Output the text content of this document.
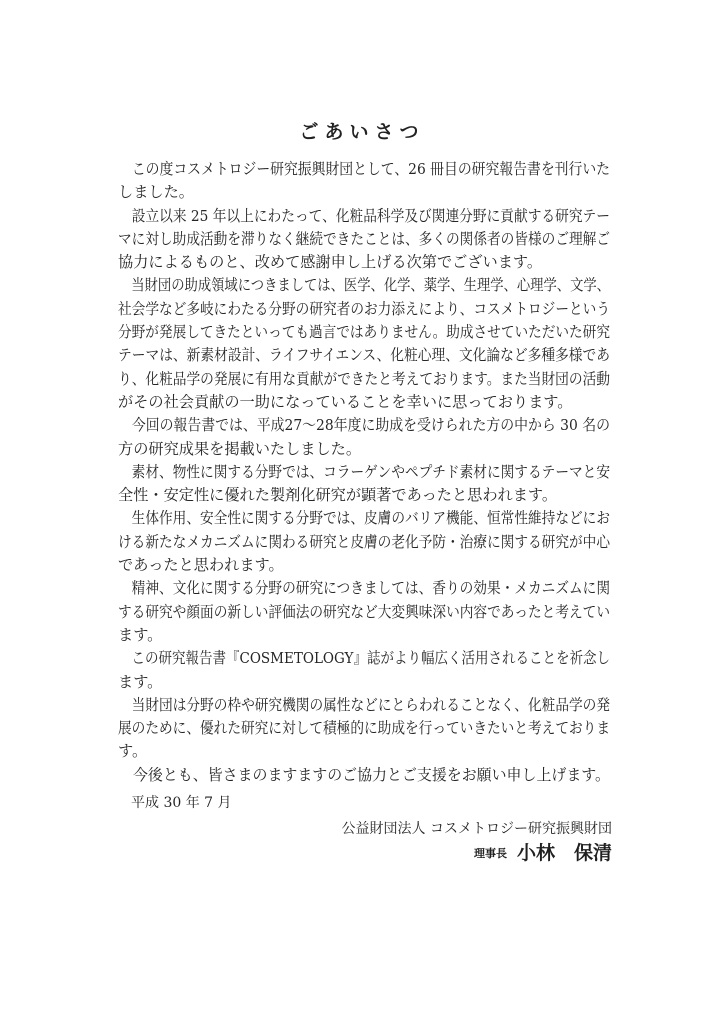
ごあいさつ

この度コスメトロジー研究振興財団として、26 冊目の研究報告書を刊行いた
しました。

設立以来 25 年以上にわたって、化粧品科学及び関連分野に貢献する研究テー
マに対し助成活動を滞りなく継続できたことは、多くの関係者の皆様のご理解ご
協力によるものと、改めて感謝申し上げる次第でございます。

当財団の助成領域につきましては、医学、化学、薬学、生理学、心理学、文学、
社会学など多岐にわたる分野の研究者のお力添えにより、コスメトロジーという
分野が発展してきたといっても過言ではありません。助成させていただいた研究
テーマは、新素材設計、ライフサイエンス、化粧心理、文化論など多種多様であ
り、化粧品学の発展に有用な貢献ができたと考えております。また当財団の活動
がその社会貢献の一助になっていることを幸いに思っております。

今回の報告書では、平成27～28年度に助成を受けられた方の中から 30 名の
方の研究成果を掲載いたしました。

素材、物性に関する分野では、コラーゲンやペプチド素材に関するテーマと安
全性・安定性に優れた製剤化研究が顕著であったと思われます。

生体作用、安全性に関する分野では、皮膚のバリア機能、恒常性維持などにお
ける新たなメカニズムに関わる研究と皮膚の老化予防・治療に関する研究が中心
であったと思われます。

精神、文化に関する分野の研究につきましては、香りの効果・メカニズムに関
する研究や顔面の新しい評価法の研究など大変興味深い内容であったと考えてい
ます。

この研究報告書『COSMETOLOGY』誌がより幅広く活用されることを祈念し
ます。

当財団は分野の枠や研究機関の属性などにとらわれることなく、化粧品学の発
展のために、優れた研究に対して積極的に助成を行っていきたいと考えておりま
す。

今後とも、皆さまのますますのご協力とご支援をお願い申し上げます。

平成 30 年 7 月
公益財団法人 コスメトロジー研究振興財団
理事長 小林　保清
